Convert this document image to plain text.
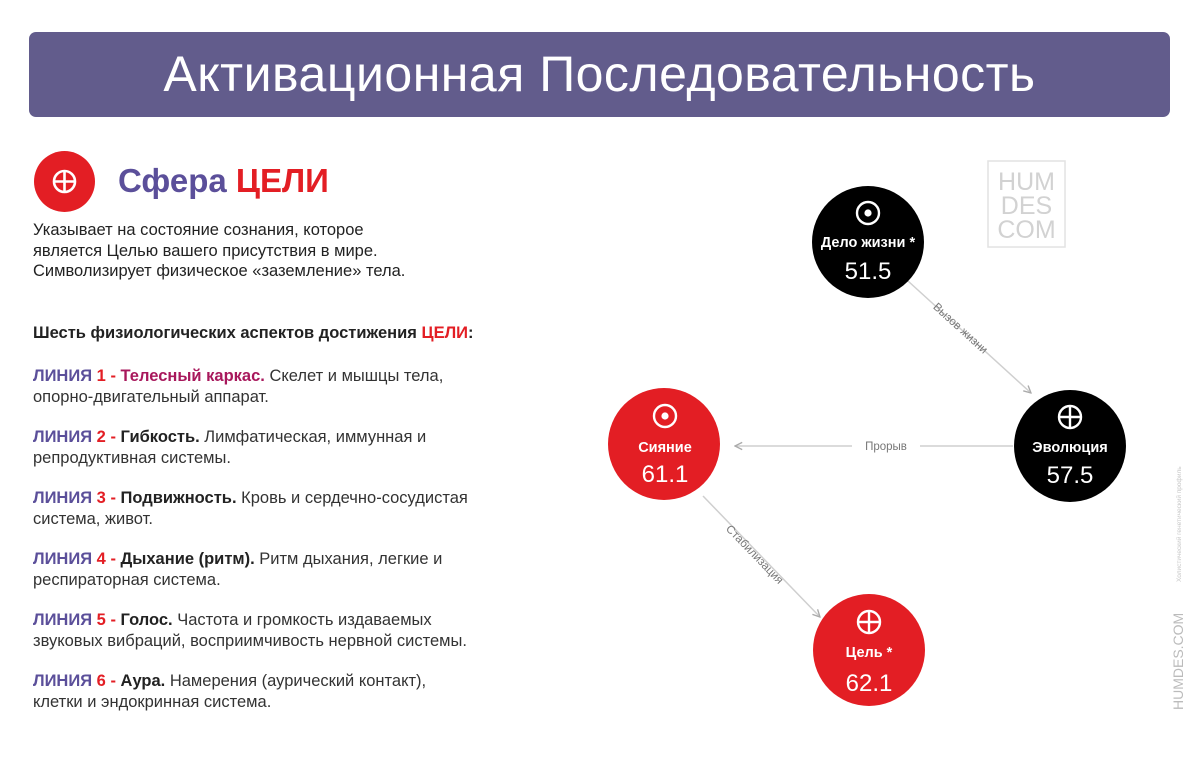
Активационная Последовательность
Сфера ЦЕЛИ
Указывает на состояние сознания, которое
является Целью вашего присутствия в мире.
Символизирует физическое «заземление» тела.
Шесть физиологических аспектов достижения ЦЕЛИ:
ЛИНИЯ 1 - Телесный каркас. Скелет и мышцы тела,
опорно-двигательный аппарат.
ЛИНИЯ 2 - Гибкость. Лимфатическая, иммунная и
репродуктивная системы.
ЛИНИЯ 3 - Подвижность. Кровь и сердечно-сосудистая
система, живот.
ЛИНИЯ 4 - Дыхание (ритм). Ритм дыхания, легкие и
респираторная система.
ЛИНИЯ 5 - Голос. Частота и громкость издаваемых
звуковых вибраций, восприимчивость нервной системы.
ЛИНИЯ 6 - Аура. Намерения (аурический контакт),
клетки и эндокринная система.
HUM
DES
COM
HUMDES.COM
Холистический генетический профиль
Вызов жизни
Прорыв
Стабилизация
Дело жизни *
51.5
Эволюция
57.5
Сияние
61.1
Цель *
62.1
